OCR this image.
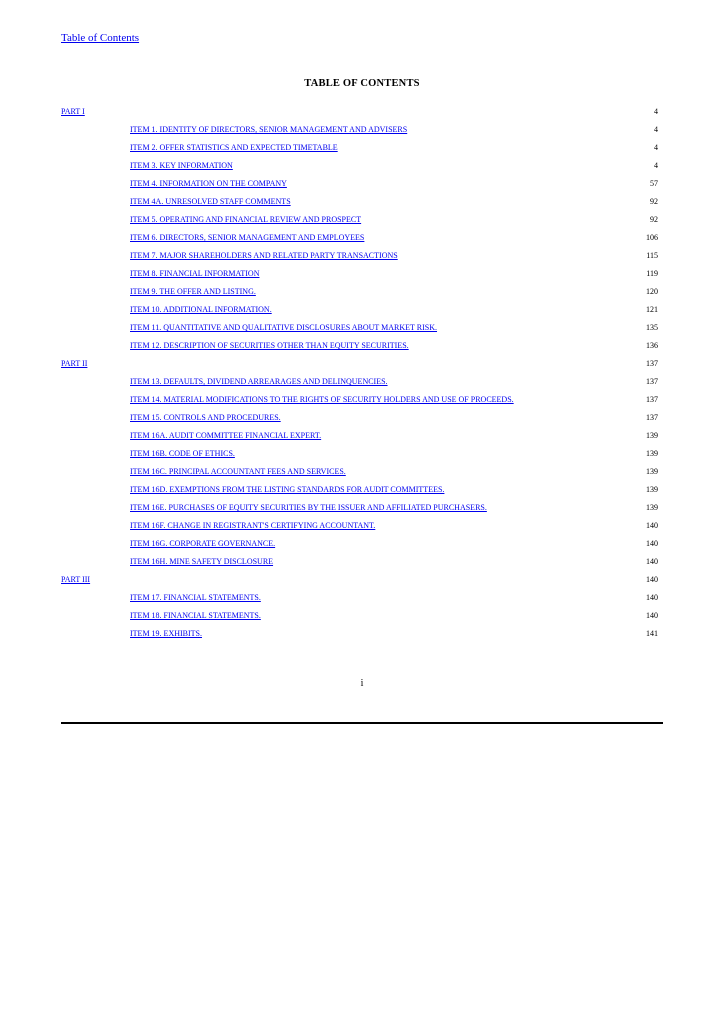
Table of Contents
TABLE OF CONTENTS
PART I	4
ITEM 1. IDENTITY OF DIRECTORS, SENIOR MANAGEMENT AND ADVISERS	4
ITEM 2. OFFER STATISTICS AND EXPECTED TIMETABLE	4
ITEM 3. KEY INFORMATION	4
ITEM 4. INFORMATION ON THE COMPANY	57
ITEM 4A. UNRESOLVED STAFF COMMENTS	92
ITEM 5. OPERATING AND FINANCIAL REVIEW AND PROSPECT	92
ITEM 6. DIRECTORS, SENIOR MANAGEMENT AND EMPLOYEES	106
ITEM 7. MAJOR SHAREHOLDERS AND RELATED PARTY TRANSACTIONS	115
ITEM 8. FINANCIAL INFORMATION	119
ITEM 9. THE OFFER AND LISTING.	120
ITEM 10. ADDITIONAL INFORMATION.	121
ITEM 11. QUANTITATIVE AND QUALITATIVE DISCLOSURES ABOUT MARKET RISK.	135
ITEM 12. DESCRIPTION OF SECURITIES OTHER THAN EQUITY SECURITIES.	136
PART II	137
ITEM 13. DEFAULTS, DIVIDEND ARREARAGES AND DELINQUENCIES.	137
ITEM 14. MATERIAL MODIFICATIONS TO THE RIGHTS OF SECURITY HOLDERS AND USE OF PROCEEDS.	137
ITEM 15. CONTROLS AND PROCEDURES.	137
ITEM 16A. AUDIT COMMITTEE FINANCIAL EXPERT.	139
ITEM 16B. CODE OF ETHICS.	139
ITEM 16C. PRINCIPAL ACCOUNTANT FEES AND SERVICES.	139
ITEM 16D. EXEMPTIONS FROM THE LISTING STANDARDS FOR AUDIT COMMITTEES.	139
ITEM 16E. PURCHASES OF EQUITY SECURITIES BY THE ISSUER AND AFFILIATED PURCHASERS.	139
ITEM 16F. CHANGE IN REGISTRANT'S CERTIFYING ACCOUNTANT.	140
ITEM 16G. CORPORATE GOVERNANCE.	140
ITEM 16H. MINE SAFETY DISCLOSURE	140
PART III	140
ITEM 17. FINANCIAL STATEMENTS.	140
ITEM 18. FINANCIAL STATEMENTS.	140
ITEM 19. EXHIBITS.	141
i
